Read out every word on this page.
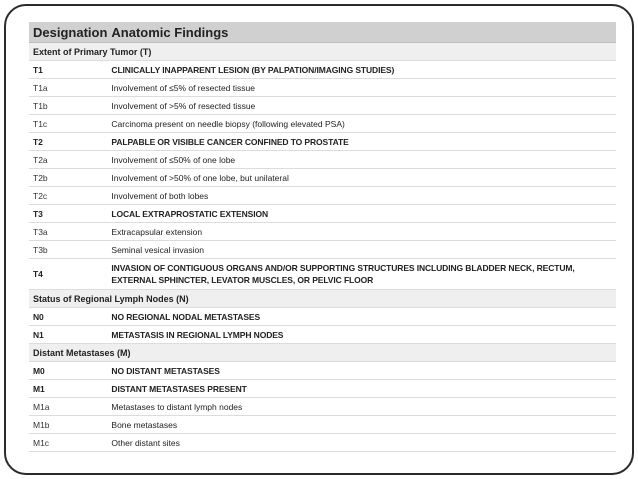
Designation	Anatomic Findings
Extent of Primary Tumor (T)	
T1	CLINICALLY INAPPARENT LESION (BY PALPATION/IMAGING STUDIES)
T1a	Involvement of ≤5% of resected tissue
T1b	Involvement of >5% of resected tissue
T1c	Carcinoma present on needle biopsy (following elevated PSA)
T2	PALPABLE OR VISIBLE CANCER CONFINED TO PROSTATE
T2a	Involvement of ≤50% of one lobe
T2b	Involvement of >50% of one lobe, but unilateral
T2c	Involvement of both lobes
T3	LOCAL EXTRAPROSTATIC EXTENSION
T3a	Extracapsular extension
T3b	Seminal vesical invasion
T4	INVASION OF CONTIGUOUS ORGANS AND/OR SUPPORTING STRUCTURES INCLUDING BLADDER NECK, RECTUM, EXTERNAL SPHINCTER, LEVATOR MUSCLES, OR PELVIC FLOOR
Status of Regional Lymph Nodes (N)	
N0	NO REGIONAL NODAL METASTASES
N1	METASTASIS IN REGIONAL LYMPH NODES
Distant Metastases (M)	
M0	NO DISTANT METASTASES
M1	DISTANT METASTASES PRESENT
M1a	Metastases to distant lymph nodes
M1b	Bone metastases
M1c	Other distant sites
